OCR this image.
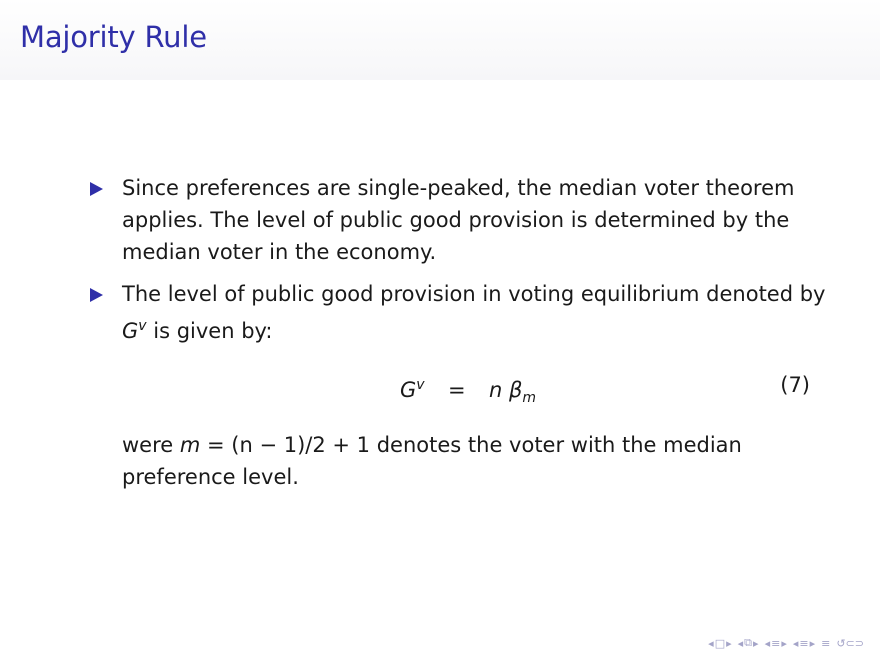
Majority Rule
Since preferences are single-peaked, the median voter theorem applies. The level of public good provision is determined by the median voter in the economy.
The level of public good provision in voting equilibrium denoted by $G^v$ is given by:
$G^v = n$ $\beta_m$
(7)
were m = (n − 1)/2 + 1 denotes the voter with the median preference level.
◂ □ ▸ ◂ ⧉ ▸ ◂ ≡ ▸ ◂ ≡ ▸ ≡ ↺⊂⊃
